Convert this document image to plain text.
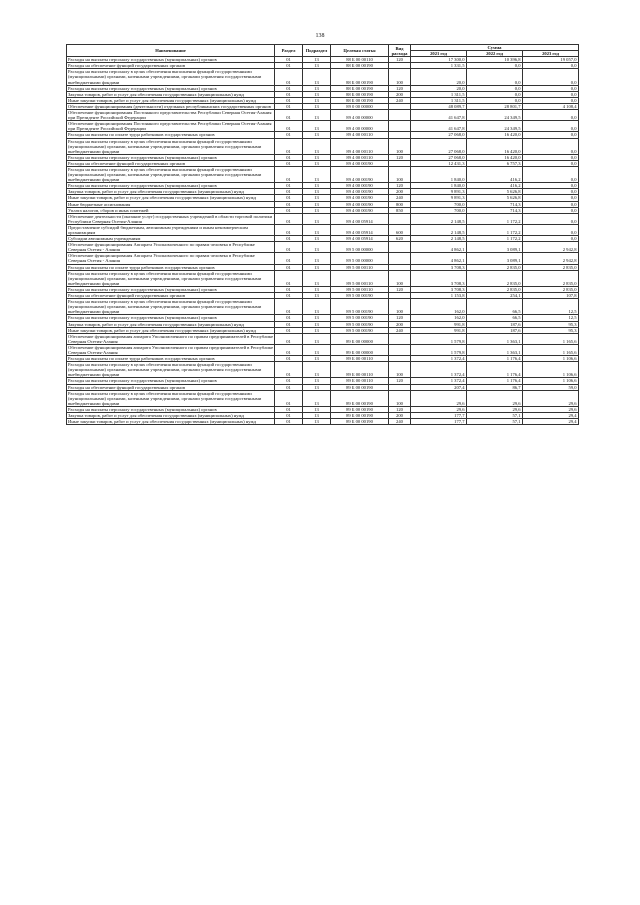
138
Наименование	Раздел	Подраздел	Целевая статья	Вид расхода	Сумма		
					2021 год	2022 год	2023 год
Расходы на выплаты персоналу государственных (муниципальных) органов	01	13	88 Б 00 00110	120	17 300,0	10 396,8	19 057,0
Расходы на обеспечение функций государственных органов	01	13	88 Б 00 00190		1 331,5	0,0	0,0
Расходы на выплаты персоналу в целях обеспечения выполнения функций государственными (муниципальными) органами, казенными учреждениями, органами управления государственными внебюджетными фондами	01	13	88 Б 00 00190	100	20,0	0,0	0,0
Расходы на выплаты персоналу государственных (муниципальных) органов	01	13	88 Б 00 00190	120	20,0	0,0	0,0
Закупка товаров, работ и услуг для обеспечения государственных (муниципальных) нужд	01	13	88 Б 00 00190	200	1 311,5	0,0	0,0
Иные закупки товаров, работ и услуг для обеспечения государственных (муниципальных) нужд	01	13	88 Б 00 00190	240	1 311,5	0,0	0,0
Обеспечение функционирования (деятельности) отдельных республиканских государственных органов	01	13	89 0 00 00000		48 089,7	28 801,7	4 108,4
Обеспечение функционирования Постоянного представительства Республики Северная Осетия-Алания при Президенте Российской Федерации	01	13	89 4 00 00000		41 647,8	24 349,5	0,0
Обеспечение функционирования Постоянного представительства Республики Северная Осетия-Алания при Президенте Российской Федерации	01	13	89 4 00 00000		41 647,8	24 349,5	0,0
Расходы на выплаты по оплате труда работников государственных органов	01	13	89 4 00 00110		27 068,0	16 420,0	0,0
Расходы на выплаты персоналу в целях обеспечения выполнения функций государственными (муниципальными) органами, казенными учреждениями, органами управления государственными внебюджетными фондами	01	13	89 4 00 00110	100	27 068,0	16 420,0	0,0
Расходы на выплаты персоналу государственных (муниципальных) органов	01	13	89 4 00 00110	120	27 068,0	16 420,0	0,0
Расходы на обеспечение функций государственных органов	01	13	89 4 00 00190		12 431,3	6 757,3	0,0
Расходы на выплаты персоналу в целях обеспечения выполнения функций государственными (муниципальными) органами, казенными учреждениями, органами управления государственными внебюджетными фондами	01	13	89 4 00 00190	100	1 840,0	416,2	0,0
Расходы на выплаты персоналу государственных (муниципальных) органов	01	13	89 4 00 00190	120	1 840,0	416,2	0,0
Закупка товаров, работ и услуг для обеспечения государственных (муниципальных) нужд	01	13	89 4 00 00190	200	9 891,3	5 626,8	0,0
Иные закупки товаров, работ и услуг для обеспечения государственных (муниципальных) нужд	01	13	89 4 00 00190	240	9 891,3	5 626,8	0,0
Иные бюджетные ассигнования	01	13	89 4 00 00190	800	700,0	714,3	0,0
Уплата налогов, сборов и иных платежей	01	13	89 4 00 00190	850	700,0	714,3	0,0
Обеспечение деятельности (оказание услуг) государственных учреждений в области торговой политики Республики Северная Осетия-Алания	01	13	89 4 00 05914		2 148,5	1 172,2	0,0
Предоставление субсидий бюджетным, автономным учреждениям и иным некоммерческим организациям	01	13	89 4 00 05914	600	2 148,5	1 172,2	0,0
Субсидии автономным учреждениям	01	13	89 4 00 05914	620	2 148,5	1 172,2	0,0
Обеспечение функционирования Аппарата Уполномоченного по правам человека в Республике Северная Осетия - Алания	01	13	89 5 00 00000		4 862,1	3 089,1	2 942,8
Обеспечение функционирования Аппарата Уполномоченного по правам человека в Республике Северная Осетия - Алания	01	13	89 5 00 00000		4 862,1	3 089,1	2 942,8
Расходы на выплаты по оплате труда работников государственных органов	01	13	89 5 00 00110		3 708,3	2 835,0	2 835,0
Расходы на выплаты персоналу в целях обеспечения выполнения функций государственными (муниципальными) органами, казенными учреждениями, органами управления государственными внебюджетными фондами	01	13	89 5 00 00110	100	3 708,3	2 835,0	2 835,0
Расходы на выплаты персоналу государственных (муниципальных) органов	01	13	89 5 00 00110	120	3 708,3	2 835,0	2 835,0
Расходы на обеспечение функций государственных органов	01	13	89 5 00 00190		1 153,8	254,1	107,8
Расходы на выплаты персоналу в целях обеспечения выполнения функций государственными (муниципальными) органами, казенными учреждениями, органами управления государственными внебюджетными фондами	01	13	89 5 00 00190	100	162,0	66,5	12,5
Расходы на выплаты персоналу государственных (муниципальных) органов	01	13	89 5 00 00190	120	162,0	66,5	12,5
Закупка товаров, работ и услуг для обеспечения государственных (муниципальных) нужд	01	13	89 5 00 00190	200	991,8	187,6	95,3
Иные закупки товаров, работ и услуг для обеспечения государственных (муниципальных) нужд	01	13	89 5 00 00190	240	991,8	187,6	95,3
Обеспечение функционирования аппарата Уполномоченного по правам предпринимателей в Республике Северная Осетия-Алания	01	13	89 Б 00 00000		1 579,8	1 363,1	1 165,6
Обеспечение функционирования аппарата Уполномоченного по правам предпринимателей в Республике Северная Осетия-Алания	01	13	89 Б 00 00000		1 579,8	1 363,1	1 165,6
Расходы на выплаты по оплате труда работников государственных органов	01	13	89 Б 00 00110		1 372,4	1 176,4	1 106,6
Расходы на выплаты персоналу в целях обеспечения выполнения функций государственными (муниципальными) органами, казенными учреждениями, органами управления государственными внебюджетными фондами	01	13	89 Б 00 00110	100	1 372,4	1 176,4	1 106,6
Расходы на выплаты персоналу государственных (муниципальных) органов	01	13	89 Б 00 00110	120	1 372,4	1 176,4	1 106,6
Расходы на обеспечение функций государственных органов	01	13	89 Б 00 00190		207,4	86,7	59,0
Расходы на выплаты персоналу в целях обеспечения выполнения функций государственными (муниципальными) органами, казенными учреждениями, органами управления государственными внебюджетными фондами	01	13	89 Б 00 00190	100	29,6	29,6	29,6
Расходы на выплаты персоналу государственных (муниципальных) органов	01	13	89 Б 00 00190	120	29,6	29,6	29,6
Закупка товаров, работ и услуг для обеспечения государственных (муниципальных) нужд	01	13	89 Б 00 00190	200	177,7	57,1	29,4
Иные закупки товаров, работ и услуг для обеспечения государственных (муниципальных) нужд	01	13	89 Б 00 00190	240	177,7	57,1	29,4
